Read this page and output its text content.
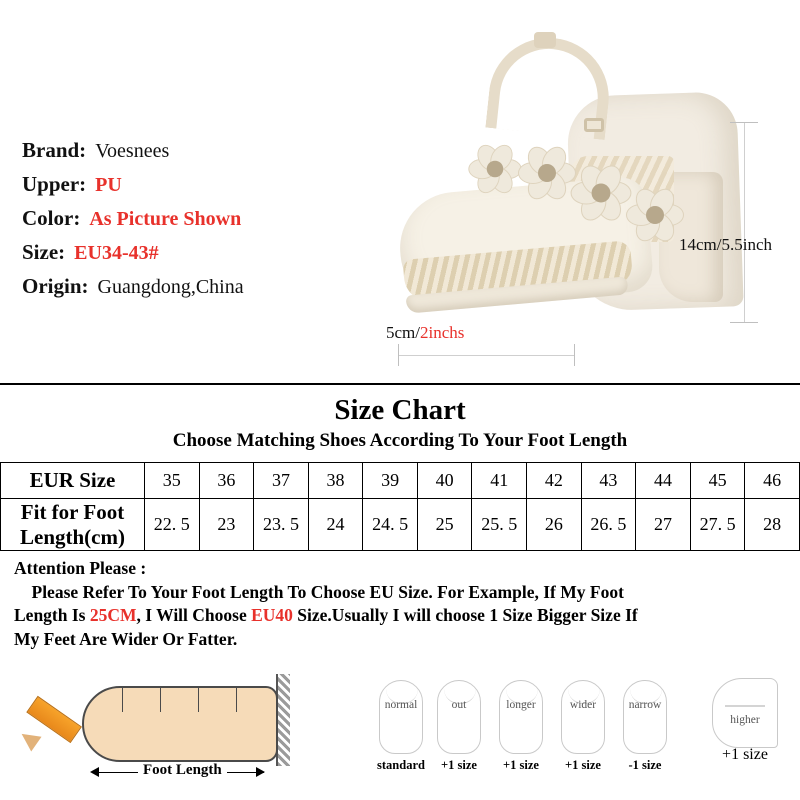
Brand: Voesnees
Upper: PU
Color: As Picture Shown
Size: EU34-43#
Origin: Guangdong,China
14cm/5.5inch
5cm/2inchs
Size Chart
Choose Matching Shoes According To Your Foot Length
EUR Size	35	36	37	38	39	40	41	42	43	44	45	46
Fit for Foot Length(cm)	22. 5	23	23. 5	24	24. 5	25	25. 5	26	26. 5	27	27. 5	28
Attention Please :
Please Refer To Your Foot Length To Choose EU Size. For Example, If My Foot
Length Is 25CM, I Will Choose EU40 Size.Usually I will choose 1 Size Bigger Size If
My Feet Are Wider Or Fatter.
Foot Length
normal
standard
out
+1 size
longer
+1 size
wider
+1 size
narrow
-1 size
higher
+1 size
